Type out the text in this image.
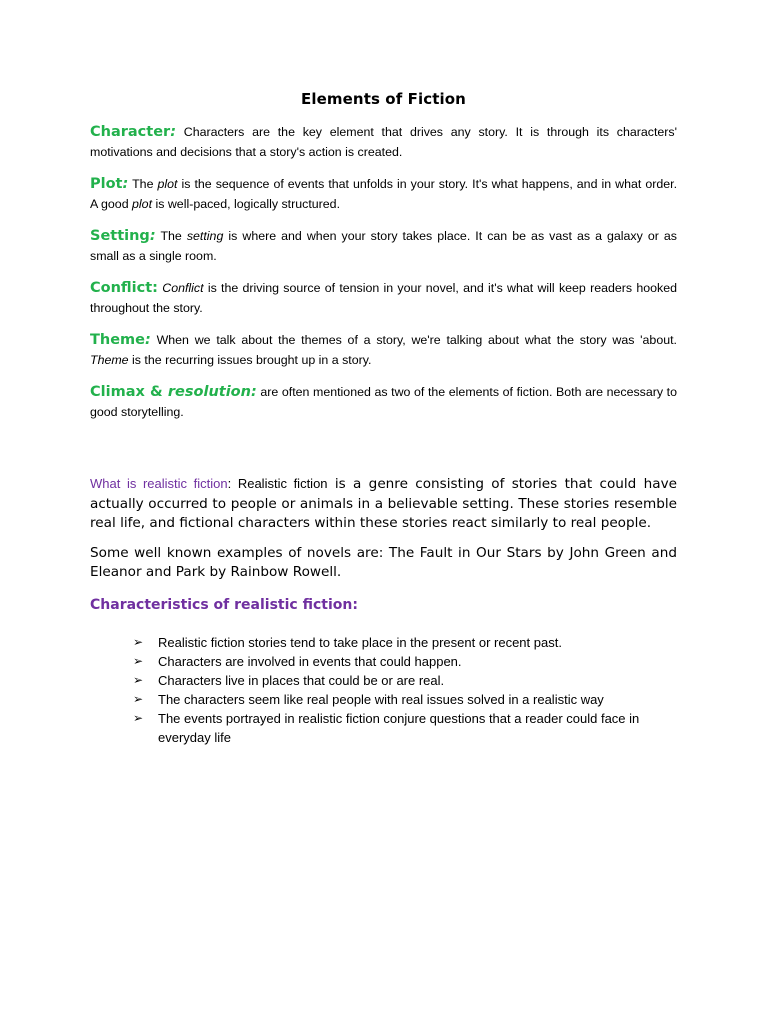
Elements of Fiction

Character: Characters are the key element that drives any story. It is through its characters' motivations and decisions that a story's action is created.

Plot: The plot is the sequence of events that unfolds in your story. It's what happens, and in what order. A good plot is well-paced, logically structured.

Setting: The setting is where and when your story takes place. It can be as vast as a galaxy or as small as a single room.

Conflict: Conflict is the driving source of tension in your novel, and it's what will keep readers hooked throughout the story.

Theme: When we talk about the themes of a story, we're talking about what the story was 'about. Theme is the recurring issues brought up in a story.

Climax & resolution: are often mentioned as two of the elements of fiction. Both are necessary to good storytelling.

What is realistic fiction: Realistic fiction is a genre consisting of stories that could have actually occurred to people or animals in a believable setting. These stories resemble real life, and fictional characters within these stories react similarly to real people.

Some well known examples of novels are: The Fault in Our Stars by John Green and Eleanor and Park by Rainbow Rowell.

Characteristics of realistic fiction:
➢ Realistic fiction stories tend to take place in the present or recent past.
➢ Characters are involved in events that could happen.
➢ Characters live in places that could be or are real.
➢ The characters seem like real people with real issues solved in a realistic way
➢ The events portrayed in realistic fiction conjure questions that a reader could face in everyday life
